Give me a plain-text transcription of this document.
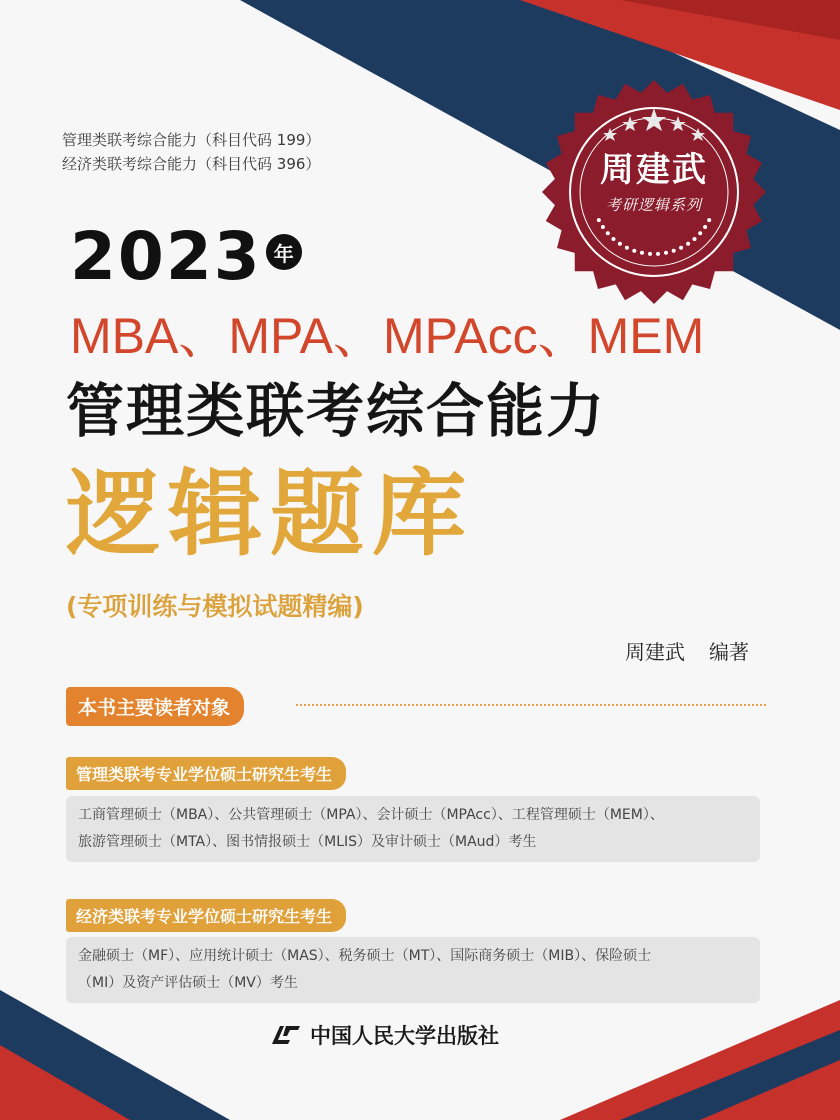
管理类联考综合能力（科目代码 199）
经济类联考综合能力（科目代码 396）	周建武
考研逻辑系列
2023 年
MBA、MPA、MPAcc、MEM
管理类联考综合能力
逻辑题库
(专项训练与模拟试题精编)
周建武 编著
本书主要读者对象
管理类联考专业学位硕士研究生考生
工商管理硕士（MBA）、公共管理硕士（MPA）、会计硕士（MPAcc）、工程管理硕士（MEM）、
旅游管理硕士（MTA）、图书情报硕士（MLIS）及审计硕士（MAud）考生
经济类联考专业学位硕士研究生考生
金融硕士（MF）、应用统计硕士（MAS）、税务硕士（MT）、国际商务硕士（MIB）、保险硕士
（MI）及资产评估硕士（MV）考生
中国人民大学出版社
